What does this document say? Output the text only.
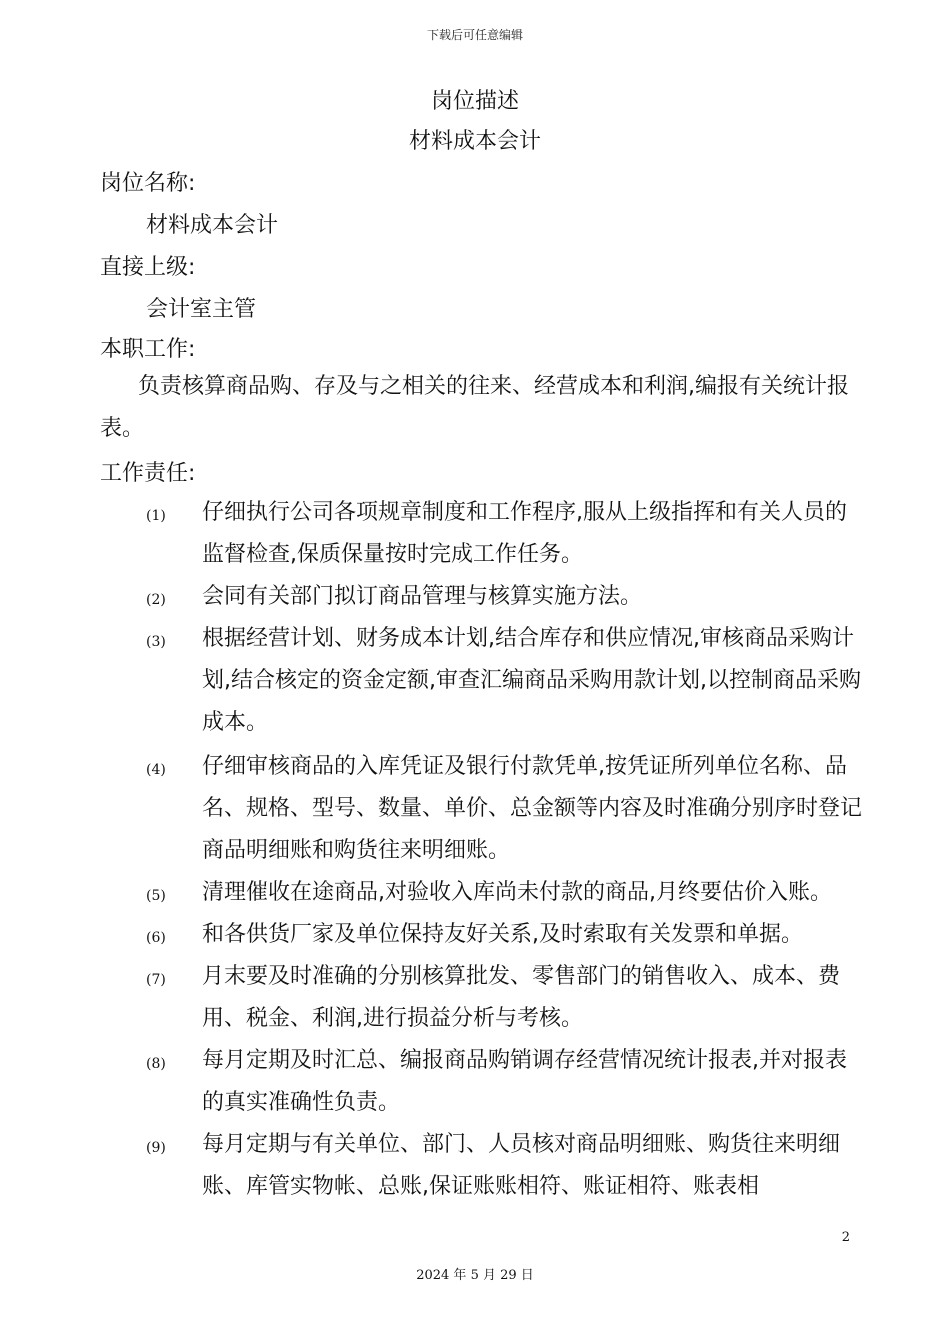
下载后可任意编辑
岗位描述
材料成本会计
岗位名称:
材料成本会计
直接上级:
会计室主管
本职工作:
负责核算商品购、存及与之相关的往来、经营成本和利润,编报有关统计报表。
工作责任:
(1)	仔细执行公司各项规章制度和工作程序,服从上级指挥和有关人员的监督检查,保质保量按时完成工作任务。
(2)	会同有关部门拟订商品管理与核算实施方法。
(3)	根据经营计划、财务成本计划,结合库存和供应情况,审核商品采购计划,结合核定的资金定额,审查汇编商品采购用款计划,以控制商品采购成本。
(4)	仔细审核商品的入库凭证及银行付款凭单,按凭证所列单位名称、品名、规格、型号、数量、单价、总金额等内容及时准确分别序时登记商品明细账和购货往来明细账。
(5)	清理催收在途商品,对验收入库尚未付款的商品,月终要估价入账。
(6)	和各供货厂家及单位保持友好关系,及时索取有关发票和单据。
(7)	月末要及时准确的分别核算批发、零售部门的销售收入、成本、费用、税金、利润,进行损益分析与考核。
(8)	每月定期及时汇总、编报商品购销调存经营情况统计报表,并对报表的真实准确性负责。
(9)	每月定期与有关单位、部门、人员核对商品明细账、购货往来明细账、库管实物帐、总账,保证账账相符、账证相符、账表相
2
2024 年 5 月 29 日
